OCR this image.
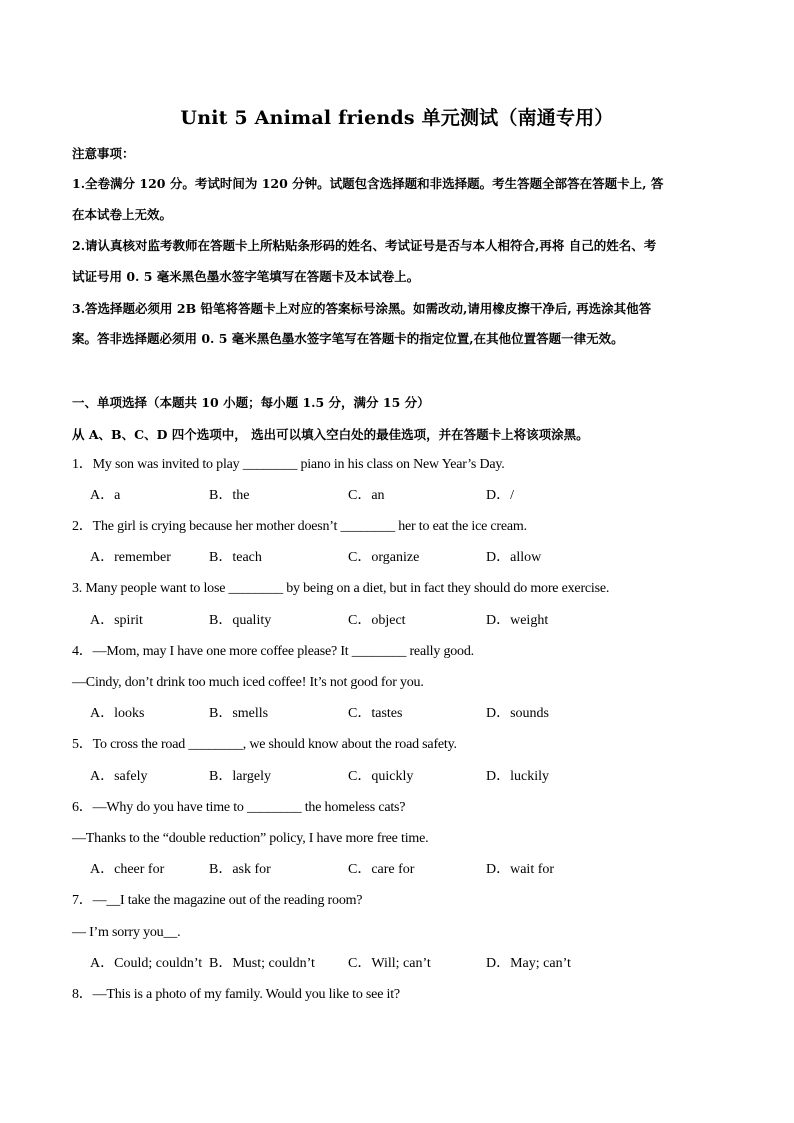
Unit 5 Animal friends 单元测试（南通专用）
注意事项：
1.全卷满分 120 分。考试时间为 120 分钟。试题包含选择题和非选择题。考生答题全部答在答题卡上, 答
在本试卷上无效。
2.请认真核对监考教师在答题卡上所粘贴条形码的姓名、考试证号是否与本人相符合,再将 自己的姓名、考
试证号用 0. 5 毫米黑色墨水签字笔填写在答题卡及本试卷上。
3.答选择题必须用 2B 铅笔将答题卡上对应的答案标号涂黑。如需改动,请用橡皮擦干净后, 再选涂其他答
案。答非选择题必须用 0. 5 毫米黑色墨水签字笔写在答题卡的指定位置,在其他位置答题一律无效。
一、单项选择（本题共 10 小题；每小题 1.5 分，满分 15 分）
从 A、B、C、D 四个选项中， 选出可以填入空白处的最佳选项，并在答题卡上将该项涂黑。
1．My son was invited to play ________ piano in his class on New Year’s Day.
A．a	B．the	C．an	D．/
2．The girl is crying because her mother doesn’t ________ her to eat the ice cream.
A．remember	B．teach	C．organize	D．allow
3. Many people want to lose ________ by being on a diet, but in fact they should do more exercise.
A．spirit	B．quality	C．object	D．weight
4．—Mom, may I have one more coffee please? It ________ really good.
—Cindy, don’t drink too much iced coffee! It’s not good for you.
A．looks	B．smells	C．tastes	D．sounds
5．To cross the road ________, we should know about the road safety.
A．safely	B．largely	C．quickly	D．luckily
6．—Why do you have time to ________ the homeless cats?
—Thanks to the “double reduction” policy, I have more free time.
A．cheer for	B．ask for	C．care for	D．wait for
7．—__I take the magazine out of the reading room?
— I’m sorry you__.
A．Could; couldn’t B．Must; couldn’t C．Will; can’t	D．May; can’t
8．—This is a photo of my family. Would you like to see it?
